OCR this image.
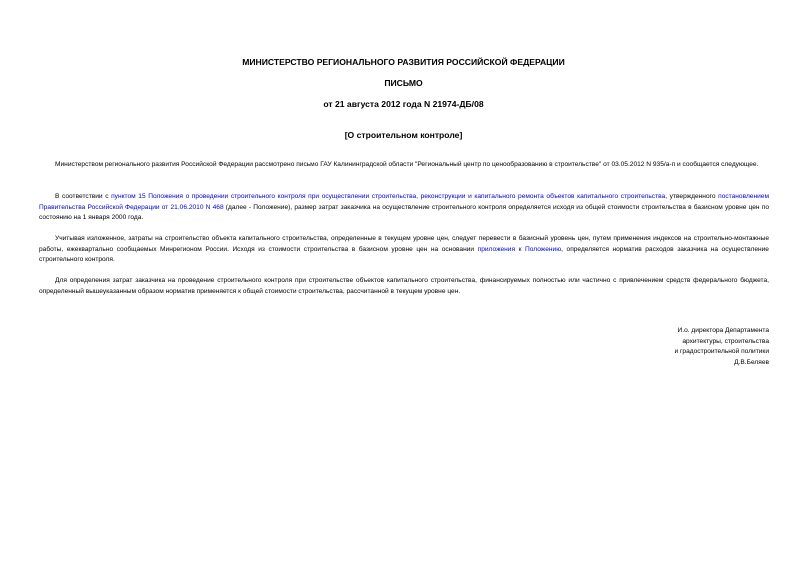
МИНИСТЕРСТВО РЕГИОНАЛЬНОГО РАЗВИТИЯ РОССИЙСКОЙ ФЕДЕРАЦИИ
ПИСЬМО
от 21 августа 2012 года N 21974-ДБ/08
[О строительном контроле]

Министерством регионального развития Российской Федерации рассмотрено письмо ГАУ Калининградской области "Региональный центр по ценообразованию в строительстве" от 03.05.2012 N 935/а-п и сообщается следующее.

В соответствии с пунктом 15 Положения о проведении строительного контроля при осуществлении строительства, реконструкции и капитального ремонта объектов капитального строительства, утвержденного постановлением Правительства Российской Федерации от 21.06.2010 N 468 (далее - Положение), размер затрат заказчика на осуществление строительного контроля определяется исходя из общей стоимости строительства в базисном уровне цен по состоянию на 1 января 2000 года.

Учитывая изложенное, затраты на строительство объекта капитального строительства, определенные в текущем уровне цен, следует перевести в базисный уровень цен, путем применения индексов на строительно-монтажные работы, ежеквартально сообщаемых Минрегионом России. Исходя из стоимости строительства в базисном уровне цен на основании приложения к Положению, определяется норматив расходов заказчика на осуществление строительного контроля.

Для определения затрат заказчика на проведение строительного контроля при строительстве объектов капитального строительства, финансируемых полностью или частично с привлечением средств федерального бюджета, определенный вышеуказанным образом норматив применяется к общей стоимости строительства, рассчитанной в текущем уровне цен.

И.о. директора Департамента
архитектуры, строительства
и градостроительной политики
Д.В.Беляев
